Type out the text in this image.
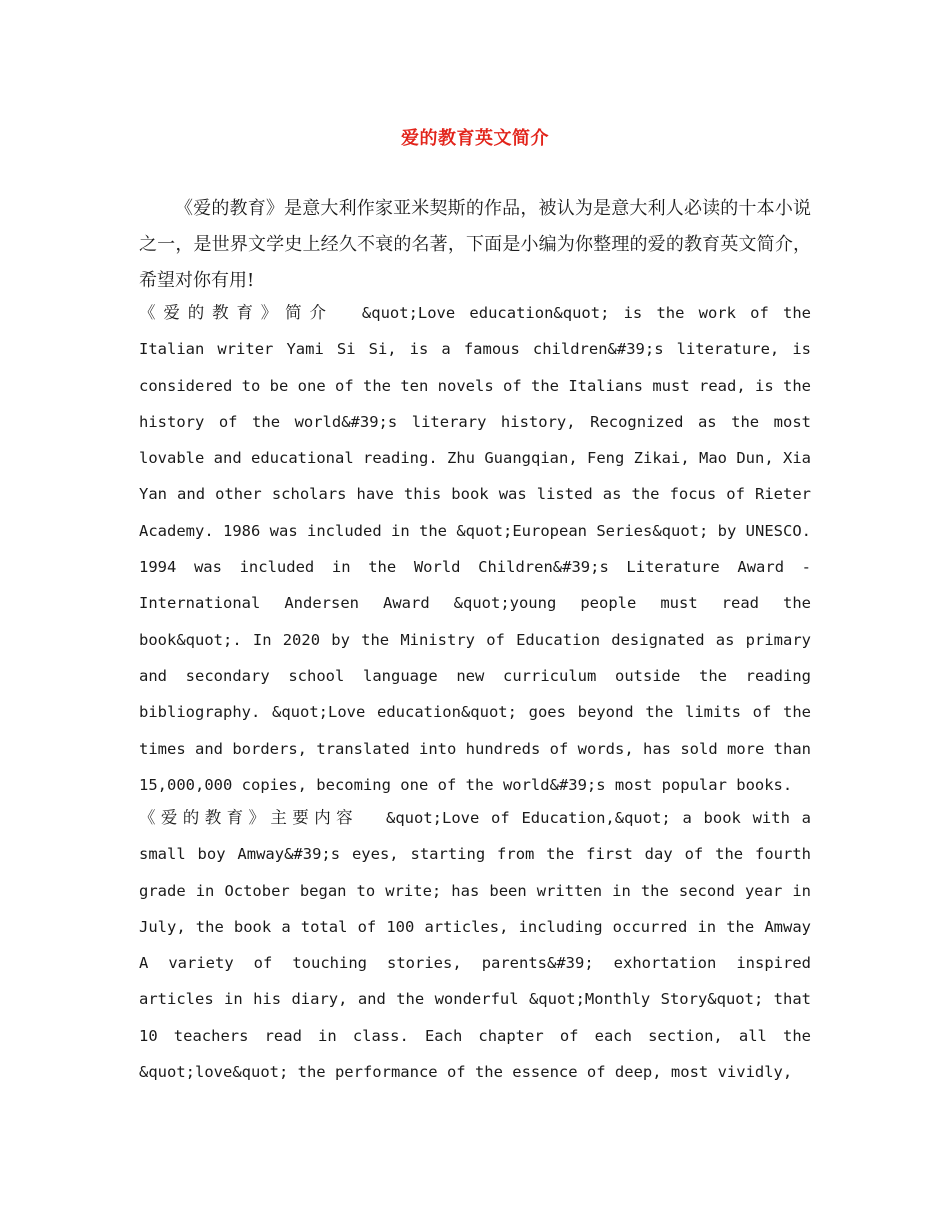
爱的教育英文简介
《爱的教育》是意大利作家亚米契斯的作品，被认为是意大利人必读的十本小说之一，是世界文学史上经久不衰的名著，下面是小编为你整理的爱的教育英文简介，希望对你有用!
《爱的教育》简介 &quot;Love education&quot; is the work of the Italian writer Yami Si Si, is a famous children&#39;s literature, is considered to be one of the ten novels of the Italians must read, is the history of the world&#39;s literary history, Recognized as the most lovable and educational reading. Zhu Guangqian, Feng Zikai, Mao Dun, Xia Yan and other scholars have this book was listed as the focus of Rieter Academy. 1986 was included in the &quot;European Series&quot; by UNESCO. 1994 was included in the World Children&#39;s Literature Award - International Andersen Award &quot;young people must read the book&quot;. In 2020 by the Ministry of Education designated as primary and secondary school language new curriculum outside the reading bibliography. &quot;Love education&quot; goes beyond the limits of the times and borders, translated into hundreds of words, has sold more than 15,000,000 copies, becoming one of the world&#39;s most popular books.
《爱的教育》主要内容 &quot;Love of Education,&quot; a book with a small boy Amway&#39;s eyes, starting from the first day of the fourth grade in October began to write; has been written in the second year in July, the book a total of 100 articles, including occurred in the Amway A variety of touching stories, parents&#39; exhortation inspired articles in his diary, and the wonderful &quot;Monthly Story&quot; that 10 teachers read in class. Each chapter of each section, all the &quot;love&quot; the performance of the essence of deep, most vividly,
